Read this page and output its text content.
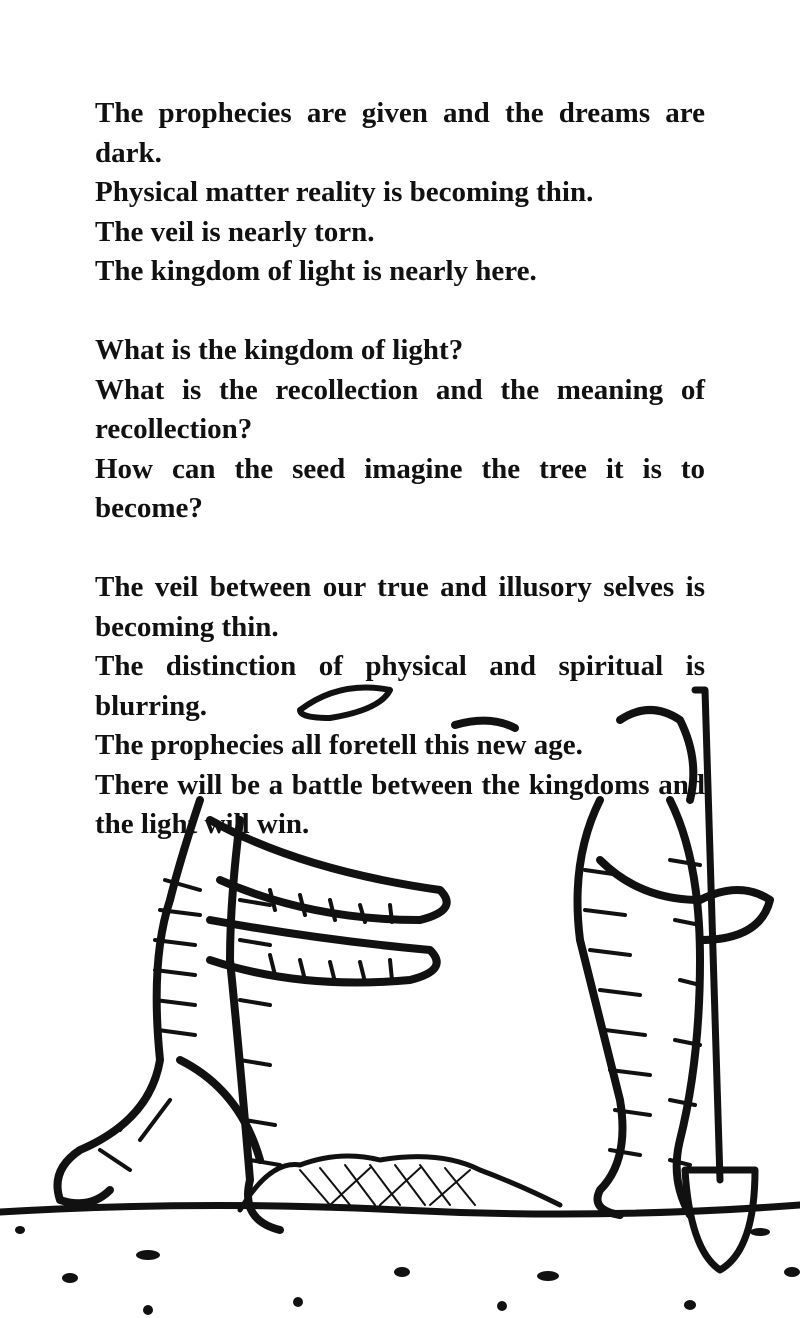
The prophecies are given and the dreams are dark.
Physical matter reality is becoming thin.
The veil is nearly torn.
The kingdom of light is nearly here.

What is the kingdom of light?
What is the recollection and the meaning of recollection?
How can the seed imagine the tree it is to become?

The veil between our true and illusory selves is becoming thin.
The distinction of physical and spiritual is blurring.
The prophecies all foretell this new age.
There will be a battle between the kingdoms and the light will win.
